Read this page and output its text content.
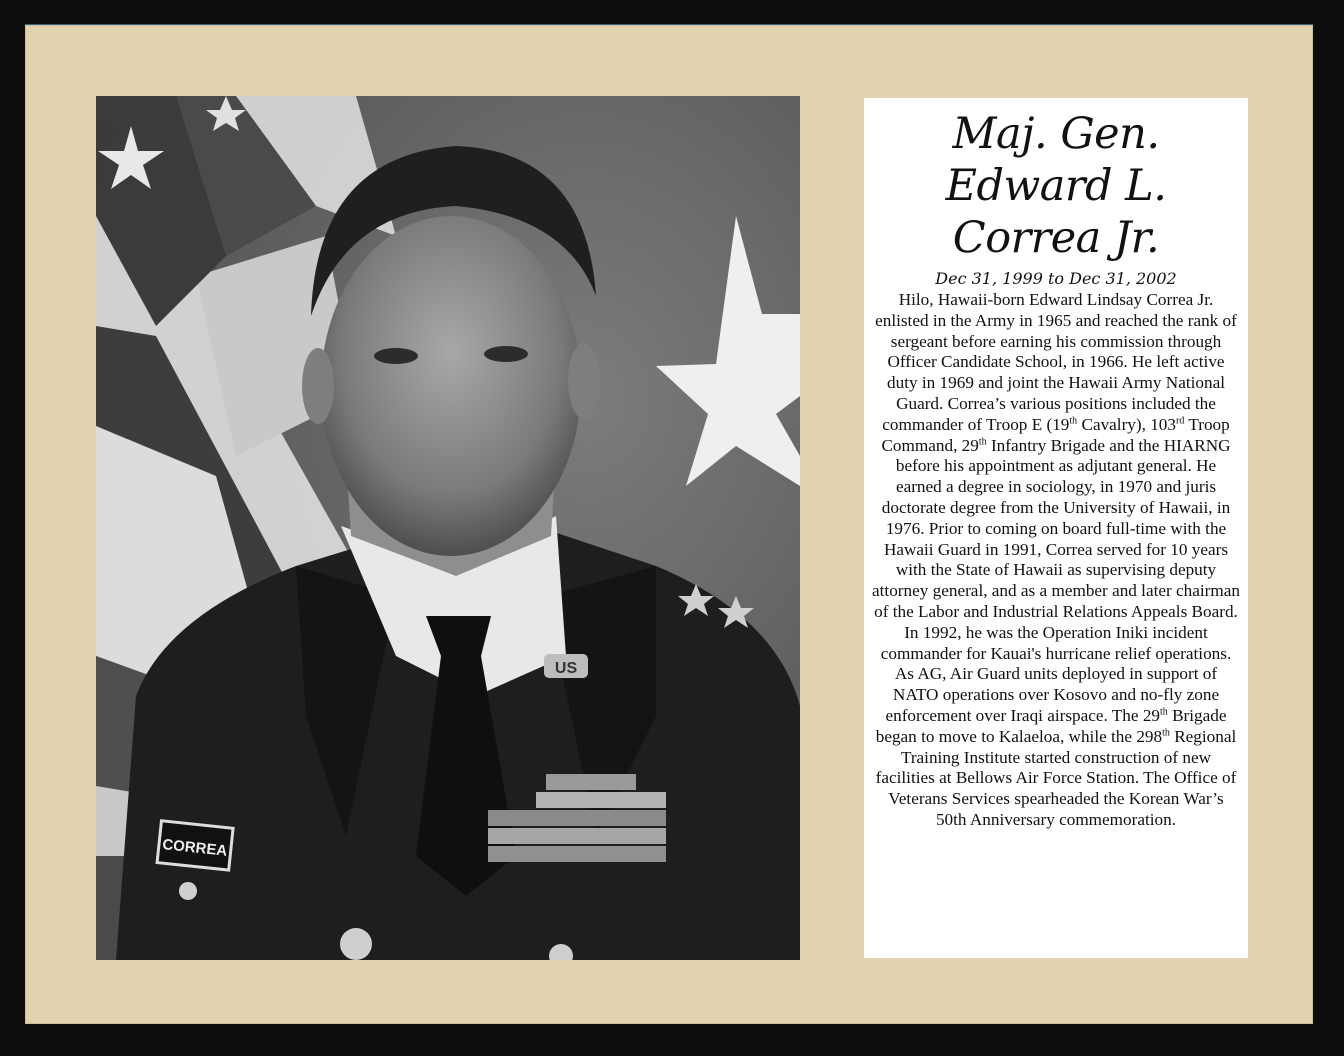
US
CORREA
Maj. Gen.
Edward L.
Correa Jr.
Dec 31, 1999 to Dec 31, 2002
Hilo, Hawaii-born Edward Lindsay Correa Jr. enlisted in the Army in 1965 and reached the rank of sergeant before earning his commission through Officer Candidate School, in 1966. He left active duty in 1969 and joint the Hawaii Army National Guard. Correa’s various positions included the commander of Troop E (19th Cavalry), 103rd Troop Command, 29th Infantry Brigade and the HIARNG before his appointment as adjutant general. He earned a degree in sociology, in 1970 and juris doctorate degree from the University of Hawaii, in 1976. Prior to coming on board full-time with the Hawaii Guard in 1991, Correa served for 10 years with the State of Hawaii as supervising deputy attorney general, and as a member and later chairman of the Labor and Industrial Relations Appeals Board. In 1992, he was the Operation Iniki incident commander for Kauai's hurricane relief operations. As AG, Air Guard units deployed in support of NATO operations over Kosovo and no-fly zone enforcement over Iraqi airspace. The 29th Brigade began to move to Kalaeloa, while the 298th Regional Training Institute started construction of new facilities at Bellows Air Force Station. The Office of Veterans Services spearheaded the Korean War’s 50th Anniversary commemoration.
